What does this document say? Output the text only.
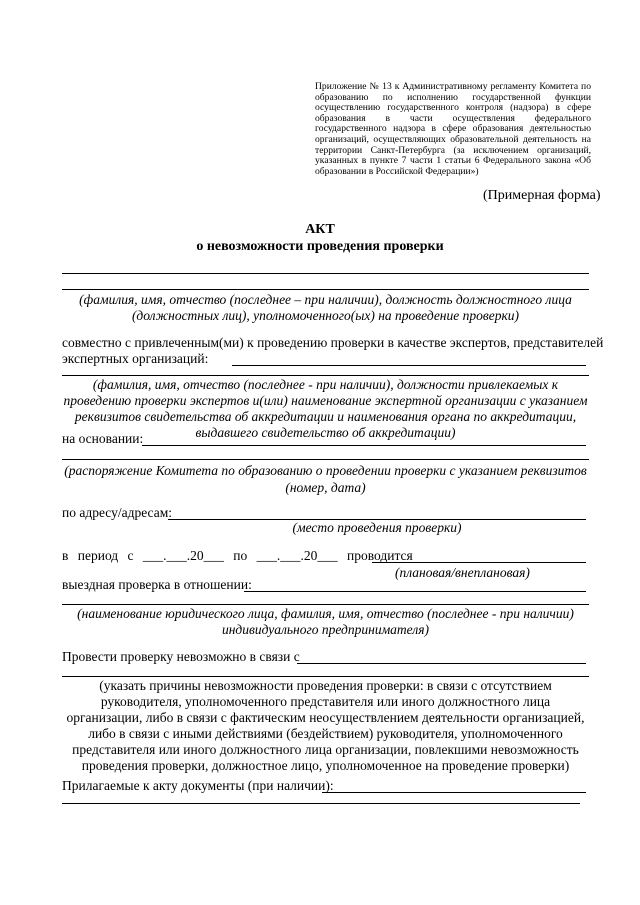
Приложение № 13 к Административному регламенту Комитета по образованию по исполнению государственной функции осуществлению государственного контроля (надзора) в сфере образования в части осуществления федерального государственного надзора в сфере образования деятельностью организаций, осуществляющих образовательной деятельность на территории Санкт-Петербурга (за исключением организаций, указанных в пункте 7 части 1 статьи 6 Федерального закона «Об образовании в Российской Федерации»)
(Примерная форма)
АКТ
о невозможности проведения проверки
(фамилия, имя, отчество (последнее – при наличии), должность должностного лица (должностных лиц), уполномоченного(ых) на проведение проверки)
совместно с привлеченным(ми) к проведению проверки в качестве экспертов, представителей
экспертных организаций:
(фамилия, имя, отчество (последнее - при наличии), должности привлекаемых к проведению проверки экспертов и(или) наименование экспертной организации с указанием реквизитов свидетельства об аккредитации и наименования органа по аккредитации, выдавшего свидетельство об аккредитации)
на основании:
(распоряжение Комитета по образованию о проведении проверки с указанием реквизитов (номер, дата)
по адресу/адресам:
(место проведения проверки)
в период с ___.___.20___ по ___.___.20___ проводится
(плановая/внеплановая)
выездная проверка в отношении:
(наименование юридического лица, фамилия, имя, отчество (последнее - при наличии) индивидуального предпринимателя)
Провести проверку невозможно в связи с
(указать причины невозможности проведения проверки: в связи с отсутствием руководителя, уполномоченного представителя или иного должностного лица организации, либо в связи с фактическим неосуществлением деятельности организацией, либо в связи с иными действиями (бездействием) руководителя, уполномоченного представителя или иного должностного лица организации, повлекшими невозможность проведения проверки, должностное лицо, уполномоченное на проведение проверки)
Прилагаемые к акту документы (при наличии):
